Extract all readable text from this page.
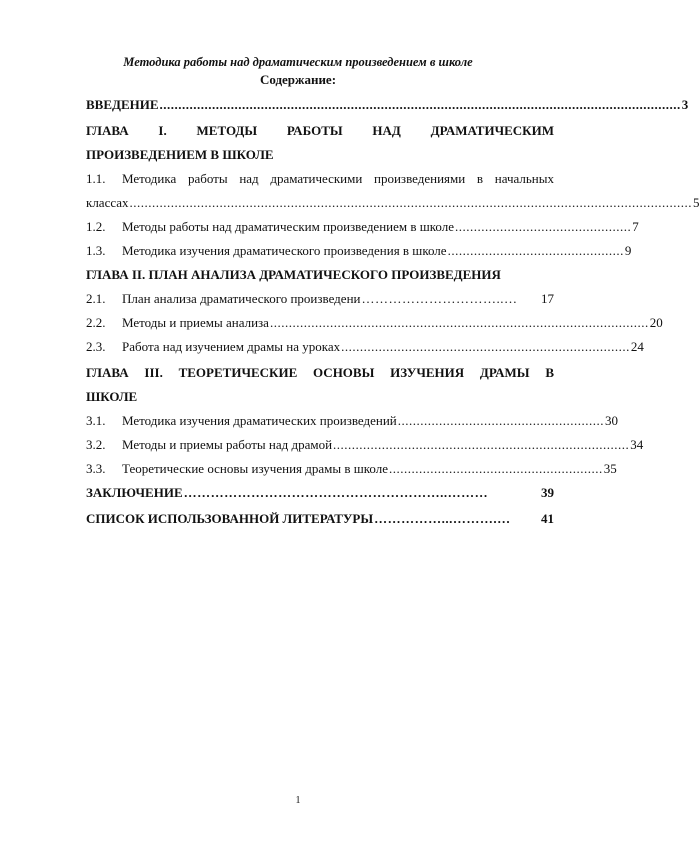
Методика работы над драматическим произведением в школе
Содержание:
ВВЕДЕНИЕ ........................................................................................................................................... 3
ГЛАВА I. МЕТОДЫ РАБОТЫ НАД ДРАМАТИЧЕСКИМ
ПРОИЗВЕДЕНИЕМ В ШКОЛЕ
1.1.	Методика работы над драматическими произведениями в начальных
классах ...................................................................................................................................................... 5
1.2.	Методы работы над драматическим произведением в школе ............................................... 7
1.3.	Методика изучения драматического произведения в школе ............................................... 9
ГЛАВА II. ПЛАН АНАЛИЗА ДРАМАТИЧЕСКОГО ПРОИЗВЕДЕНИЯ
2.1.	План анализа драматического произведени …………………………..…	17
2.2.	Методы и приемы анализа ..................................................................................................... 20
2.3.	Работа над изучением драмы на уроках ............................................................................. 24
ГЛАВА III. ТЕОРЕТИЧЕСКИЕ ОСНОВЫ ИЗУЧЕНИЯ ДРАМЫ В
ШКОЛЕ
3.1.	Методика изучения драматических произведений ....................................................... 30
3.2.	Методы и приемы работы над драмой ............................................................................... 34
3.3.	Теоретические основы изучения драмы в школе ......................................................... 35
ЗАКЛЮЧЕНИЕ …………………………………………………..………	39
СПИСОК ИСПОЛЬЗОВАННОЙ ЛИТЕРАТУРЫ ……………...……….…	41
1
